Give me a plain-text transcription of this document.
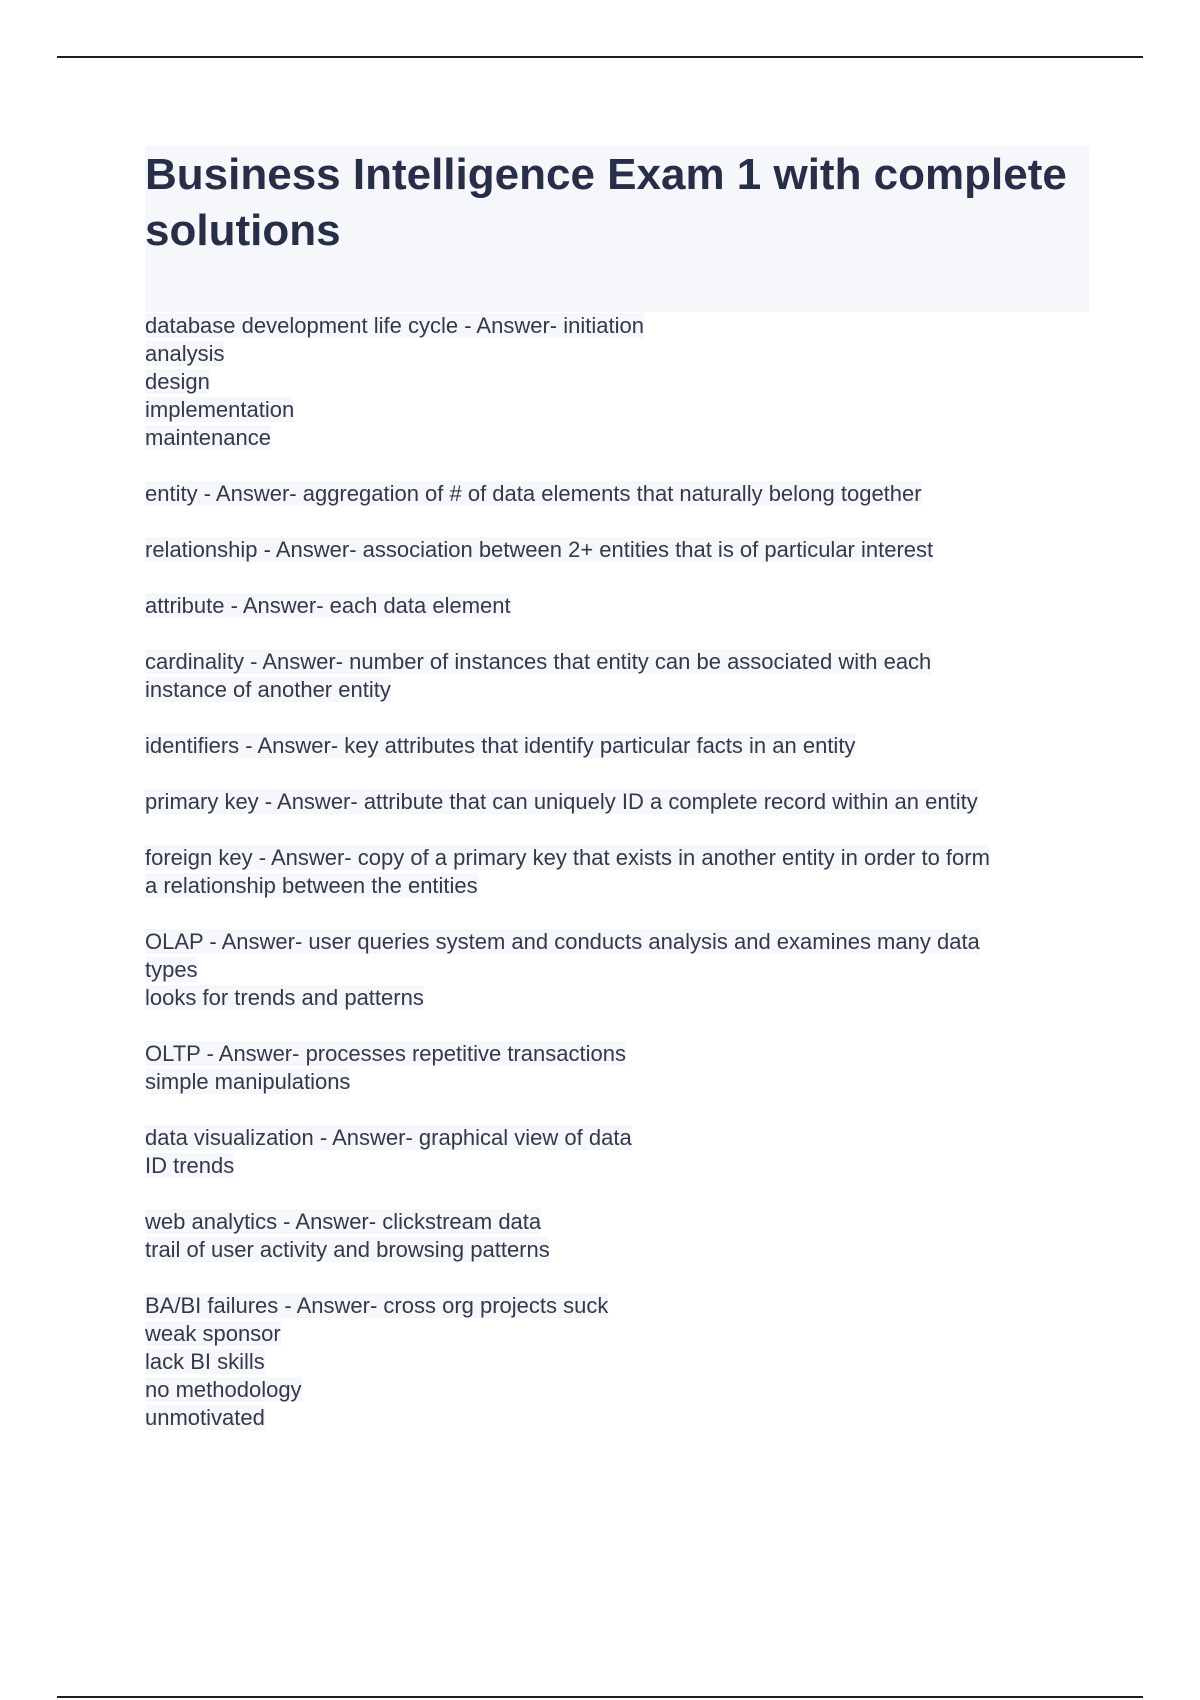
Business Intelligence Exam 1 with complete solutions
database development life cycle - Answer- initiation
analysis
design
implementation
maintenance
entity - Answer- aggregation of # of data elements that naturally belong together
relationship - Answer- association between 2+ entities that is of particular interest
attribute - Answer- each data element
cardinality - Answer- number of instances that entity can be associated with each
instance of another entity
identifiers - Answer- key attributes that identify particular facts in an entity
primary key - Answer- attribute that can uniquely ID a complete record within an entity
foreign key - Answer- copy of a primary key that exists in another entity in order to form
a relationship between the entities
OLAP - Answer- user queries system and conducts analysis and examines many data
types
looks for trends and patterns
OLTP - Answer- processes repetitive transactions
simple manipulations
data visualization - Answer- graphical view of data
ID trends
web analytics - Answer- clickstream data
trail of user activity and browsing patterns
BA/BI failures - Answer- cross org projects suck
weak sponsor
lack BI skills
no methodology
unmotivated
